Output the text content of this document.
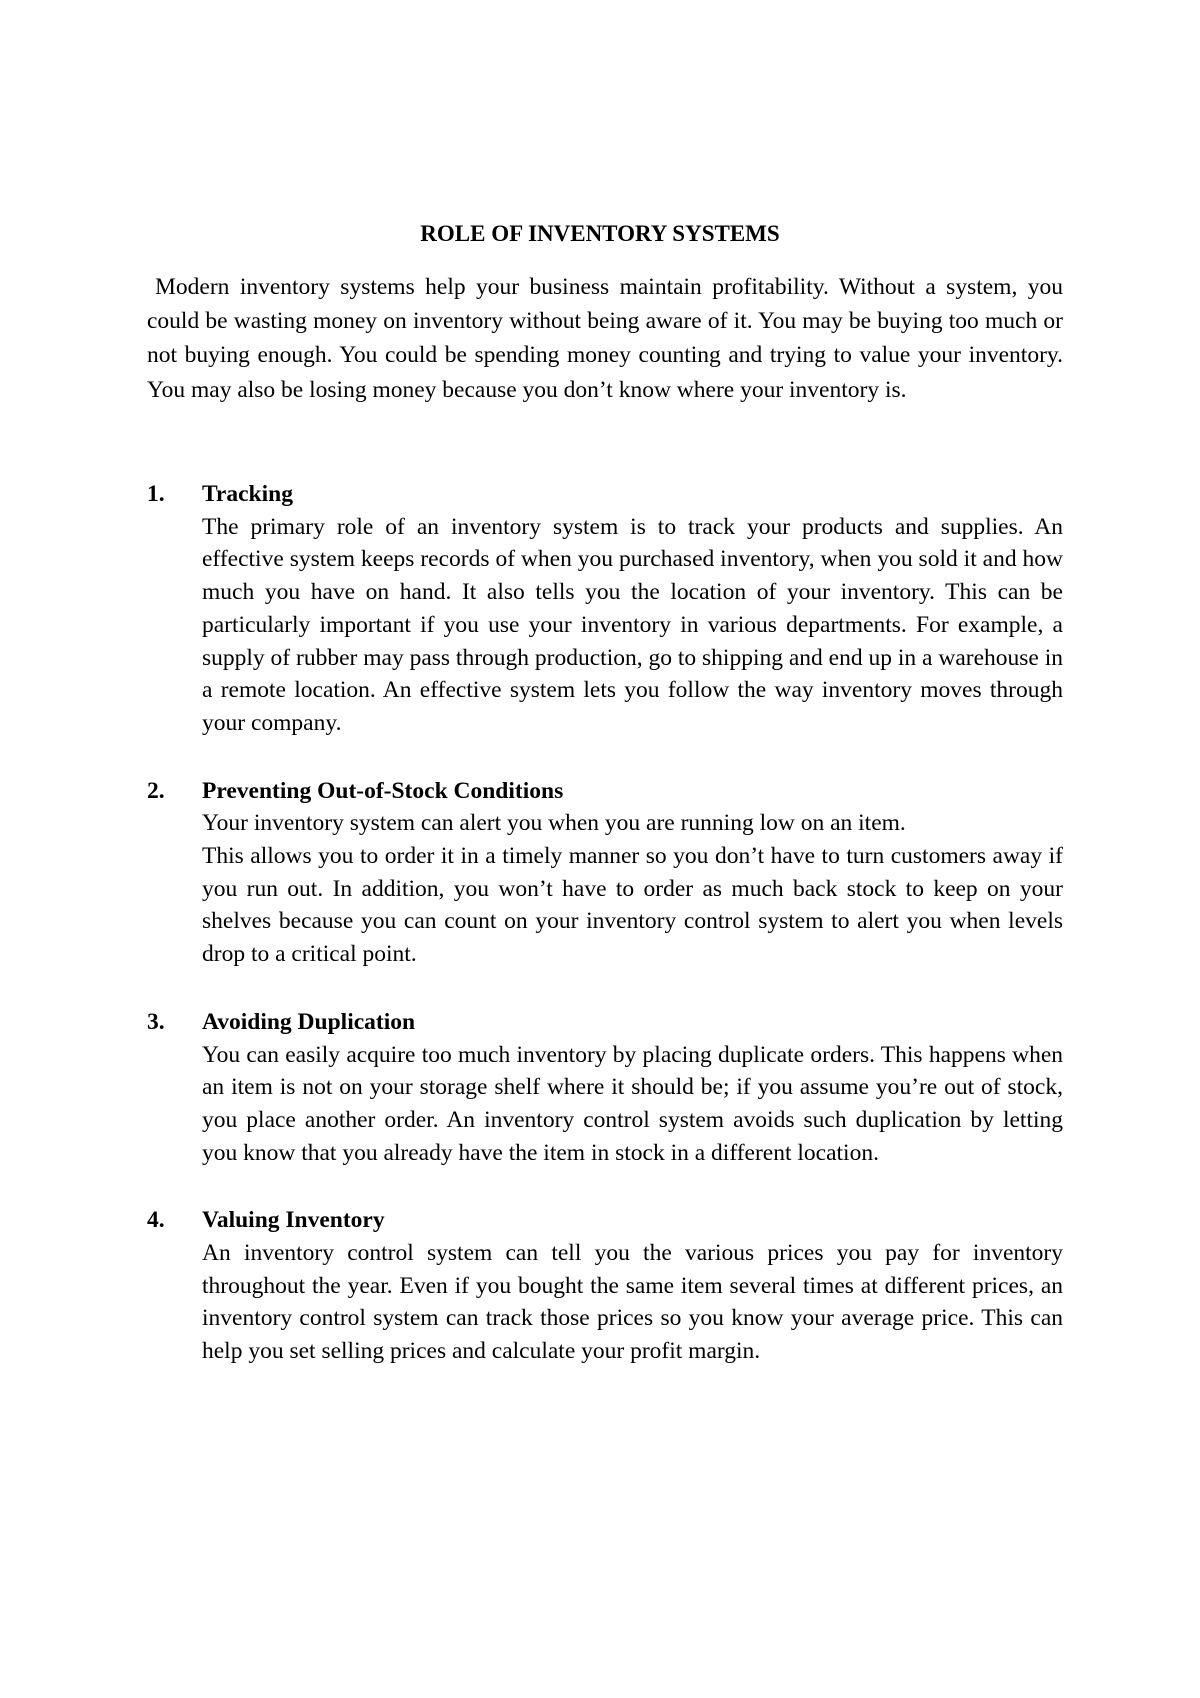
ROLE OF INVENTORY SYSTEMS

Modern inventory systems help your business maintain profitability. Without a system, you could be wasting money on inventory without being aware of it. You may be buying too much or not buying enough. You could be spending money counting and trying to value your inventory. You may also be losing money because you don’t know where your inventory is.

1. Tracking

The primary role of an inventory system is to track your products and supplies. An effective system keeps records of when you purchased inventory, when you sold it and how much you have on hand. It also tells you the location of your inventory. This can be particularly important if you use your inventory in various departments. For example, a supply of rubber may pass through production, go to shipping and end up in a warehouse in a remote location. An effective system lets you follow the way inventory moves through your company.

2. Preventing Out-of-Stock Conditions

Your inventory system can alert you when you are running low on an item.

This allows you to order it in a timely manner so you don’t have to turn customers away if you run out. In addition, you won’t have to order as much back stock to keep on your shelves because you can count on your inventory control system to alert you when levels drop to a critical point.

3. Avoiding Duplication

You can easily acquire too much inventory by placing duplicate orders. This happens when an item is not on your storage shelf where it should be; if you assume you’re out of stock, you place another order. An inventory control system avoids such duplication by letting you know that you already have the item in stock in a different location.

4. Valuing Inventory

An inventory control system can tell you the various prices you pay for inventory throughout the year. Even if you bought the same item several times at different prices, an inventory control system can track those prices so you know your average price. This can help you set selling prices and calculate your profit margin.
